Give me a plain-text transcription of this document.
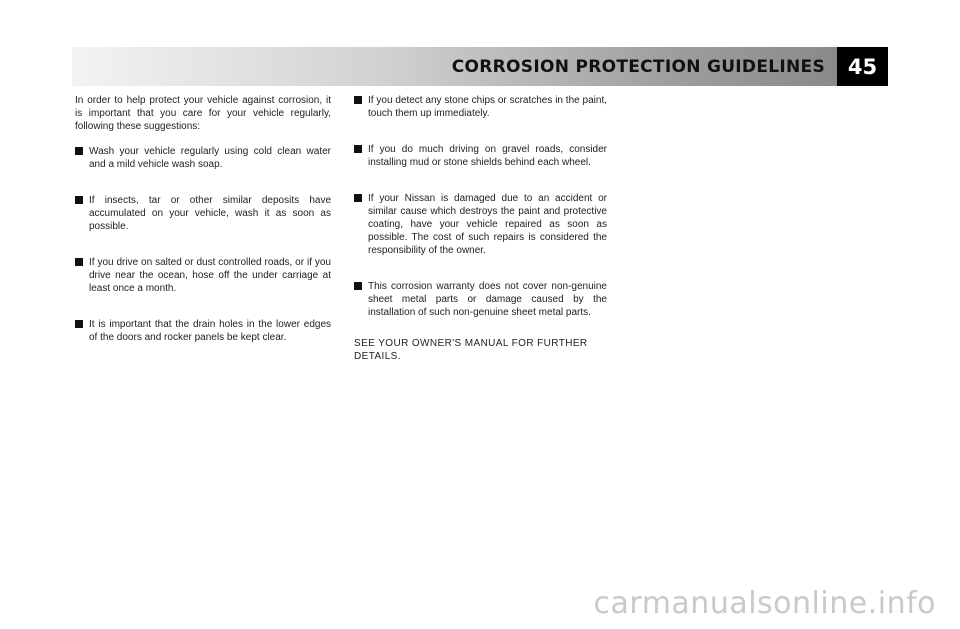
CORROSION PROTECTION GUIDELINES 45

In order to help protect your vehicle against corrosion, it is important that you care for your vehicle regularly, following these suggestions:

Wash your vehicle regularly using cold clean water and a mild vehicle wash soap.
If insects, tar or other similar deposits have accumulated on your vehicle, wash it as soon as possible.
If you drive on salted or dust controlled roads, or if you drive near the ocean, hose off the under carriage at least once a month.
It is important that the drain holes in the lower edges of the doors and rocker panels be kept clear.
If you detect any stone chips or scratches in the paint, touch them up immediately.
If you do much driving on gravel roads, consider installing mud or stone shields behind each wheel.
If your Nissan is damaged due to an accident or similar cause which destroys the paint and protective coating, have your vehicle repaired as soon as possible. The cost of such repairs is considered the responsibility of the owner.
This corrosion warranty does not cover non-genuine sheet metal parts or damage caused by the installation of such non-genuine sheet metal parts.

SEE YOUR OWNER'S MANUAL FOR FURTHER DETAILS.

carmanualsonline.info
